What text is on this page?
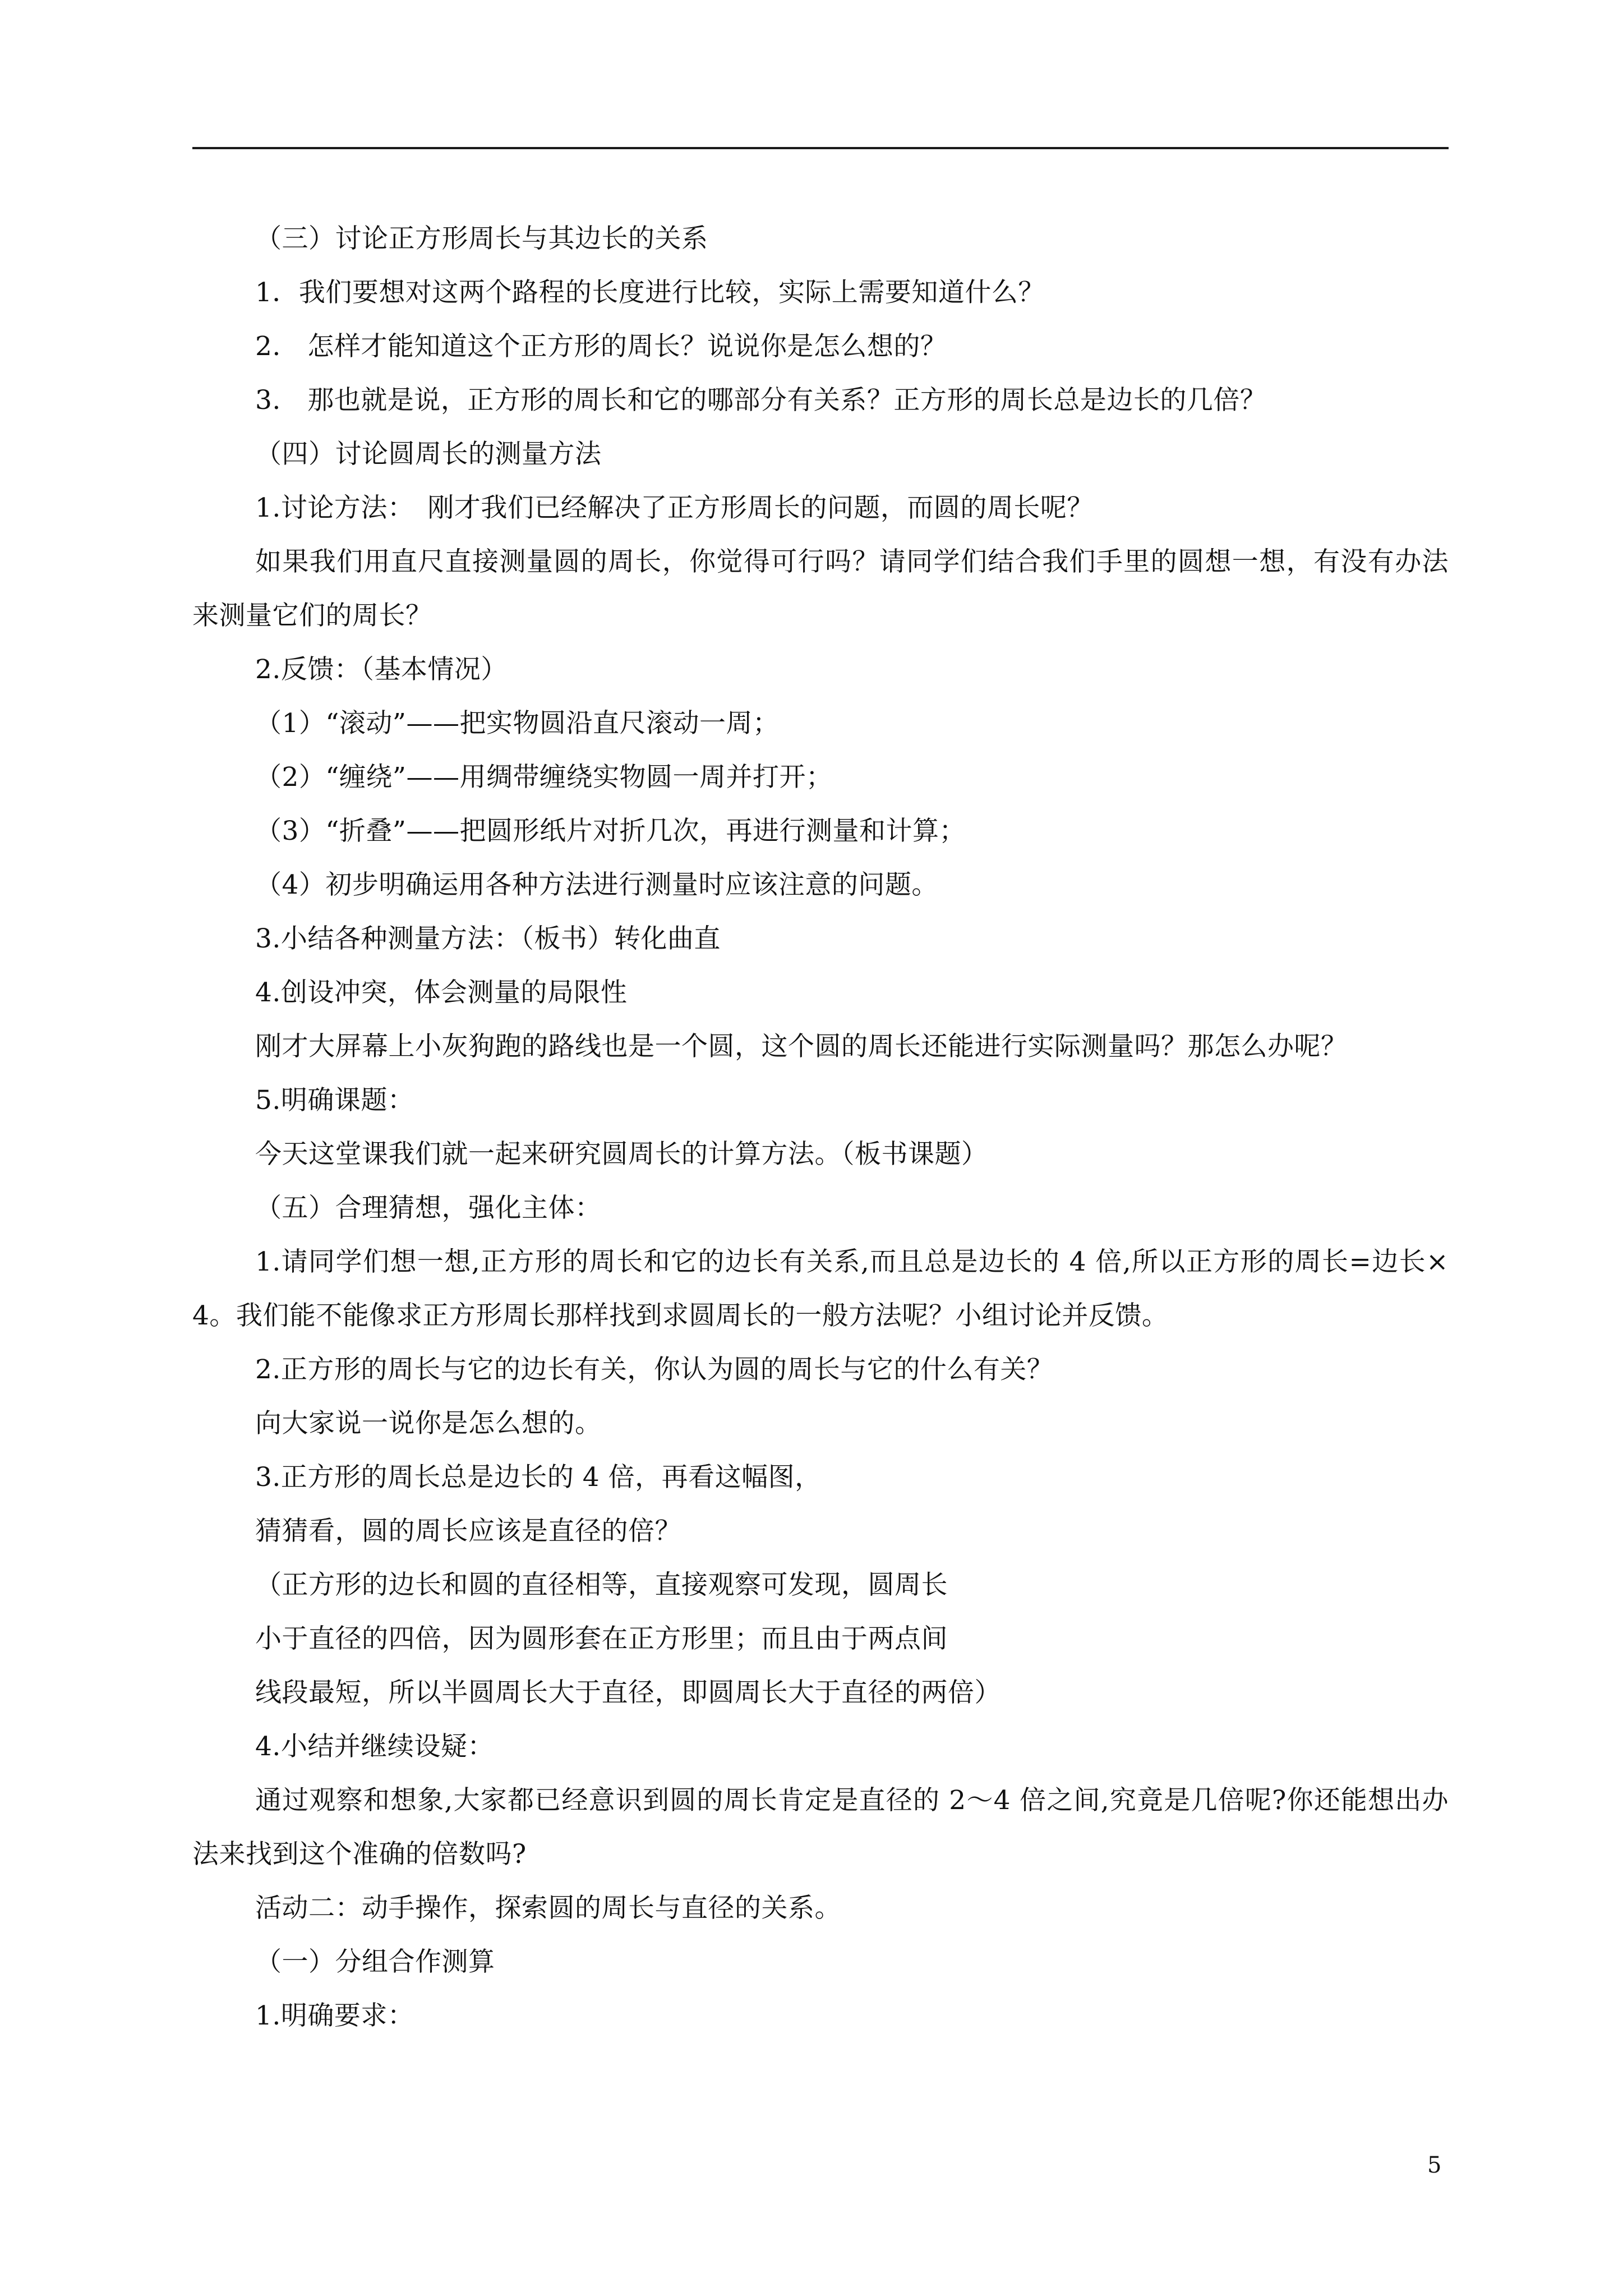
（三）讨论正方形周长与其边长的关系
1．我们要想对这两个路程的长度进行比较，实际上需要知道什么？
2.　怎样才能知道这个正方形的周长？说说你是怎么想的？
3.　那也就是说，正方形的周长和它的哪部分有关系？正方形的周长总是边长的几倍？
（四）讨论圆周长的测量方法
1.讨论方法：　刚才我们已经解决了正方形周长的问题，而圆的周长呢？
如果我们用直尺直接测量圆的周长，你觉得可行吗？请同学们结合我们手里的圆想一想，有没有办法来测量它们的周长？
2.反馈：（基本情况）
（1）“滚动”——把实物圆沿直尺滚动一周；
（2）“缠绕”——用绸带缠绕实物圆一周并打开；
（3）“折叠”——把圆形纸片对折几次，再进行测量和计算；
（4）初步明确运用各种方法进行测量时应该注意的问题。
3.小结各种测量方法：（板书）转化曲直
4.创设冲突，体会测量的局限性
刚才大屏幕上小灰狗跑的路线也是一个圆，这个圆的周长还能进行实际测量吗？那怎么办呢？
5.明确课题：
今天这堂课我们就一起来研究圆周长的计算方法。（板书课题）
（五）合理猜想，强化主体：
1.请同学们想一想,正方形的周长和它的边长有关系,而且总是边长的 4 倍,所以正方形的周长=边长×4。我们能不能像求正方形周长那样找到求圆周长的一般方法呢？小组讨论并反馈。
2.正方形的周长与它的边长有关，你认为圆的周长与它的什么有关？
向大家说一说你是怎么想的。
3.正方形的周长总是边长的 4 倍，再看这幅图，
猜猜看，圆的周长应该是直径的倍？
（正方形的边长和圆的直径相等，直接观察可发现，圆周长
小于直径的四倍，因为圆形套在正方形里；而且由于两点间
线段最短，所以半圆周长大于直径，即圆周长大于直径的两倍）
4.小结并继续设疑：
通过观察和想象,大家都已经意识到圆的周长肯定是直径的 2～4 倍之间,究竟是几倍呢?你还能想出办法来找到这个准确的倍数吗?
活动二：动手操作，探索圆的周长与直径的关系。
（一）分组合作测算
1.明确要求：
5
